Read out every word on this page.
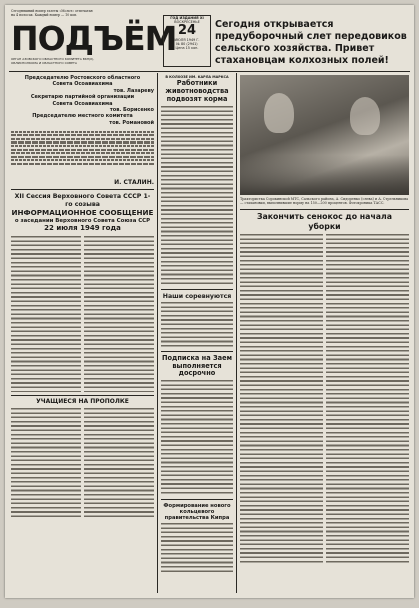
Сегодняшний номер газеты «Молот» отпечатан
на 4 полосах. Каждый номер — 10 коп.
ПОДЪЁМ
ОРГАН АЗОВСКОГО ОБЛАСТНОГО КОМИТЕТА ВКП(б),
ОБЛИСПОЛКОМА И ОБЛАСТНОГО СОВЕТА
ГОД ИЗДАНИЯ XI
ВОСКРЕСЕНЬЕ
24
ИЮЛЯ 1949 Г.
№ 80 (2941)
Цена 15 коп.
Сегодня открывается предуборочный слет передовиков сельского хозяйства. Привет стахановцам колхозных полей!
Председателю Ростовского областного
Совета Осоавиахима
тов. Лазареву
Секретарю партийной организации
Совета Осоавиахима
тов. Борисенко
Председателю местного комитета
тов. Романовой
И. СТАЛИН.
XII Сессия Верховного Совета СССР 1-го созыва
ИНФОРМАЦИОННОЕ СООБЩЕНИЕ
о заседании Верховного Совета Союза ССР
22 июля 1949 года
УЧАЩИЕСЯ НА ПРОПОЛКЕ
В КОЛХОЗЕ ИМ. КАРЛА МАРКСА
Работники животноводства подвозят корма
Наши соревнуются
Подписка на Заем выполняется досрочно
Формирование нового кольцевого правительства Кипра
Трактористка Сорокинской МТС, Сальского района, А. Сидоренко (слева) и А. Стрельникова — стахановки, выполнившие норму на 150—200 процентов. Фотохроника ТАСС.
Закончить сенокос до начала уборки
